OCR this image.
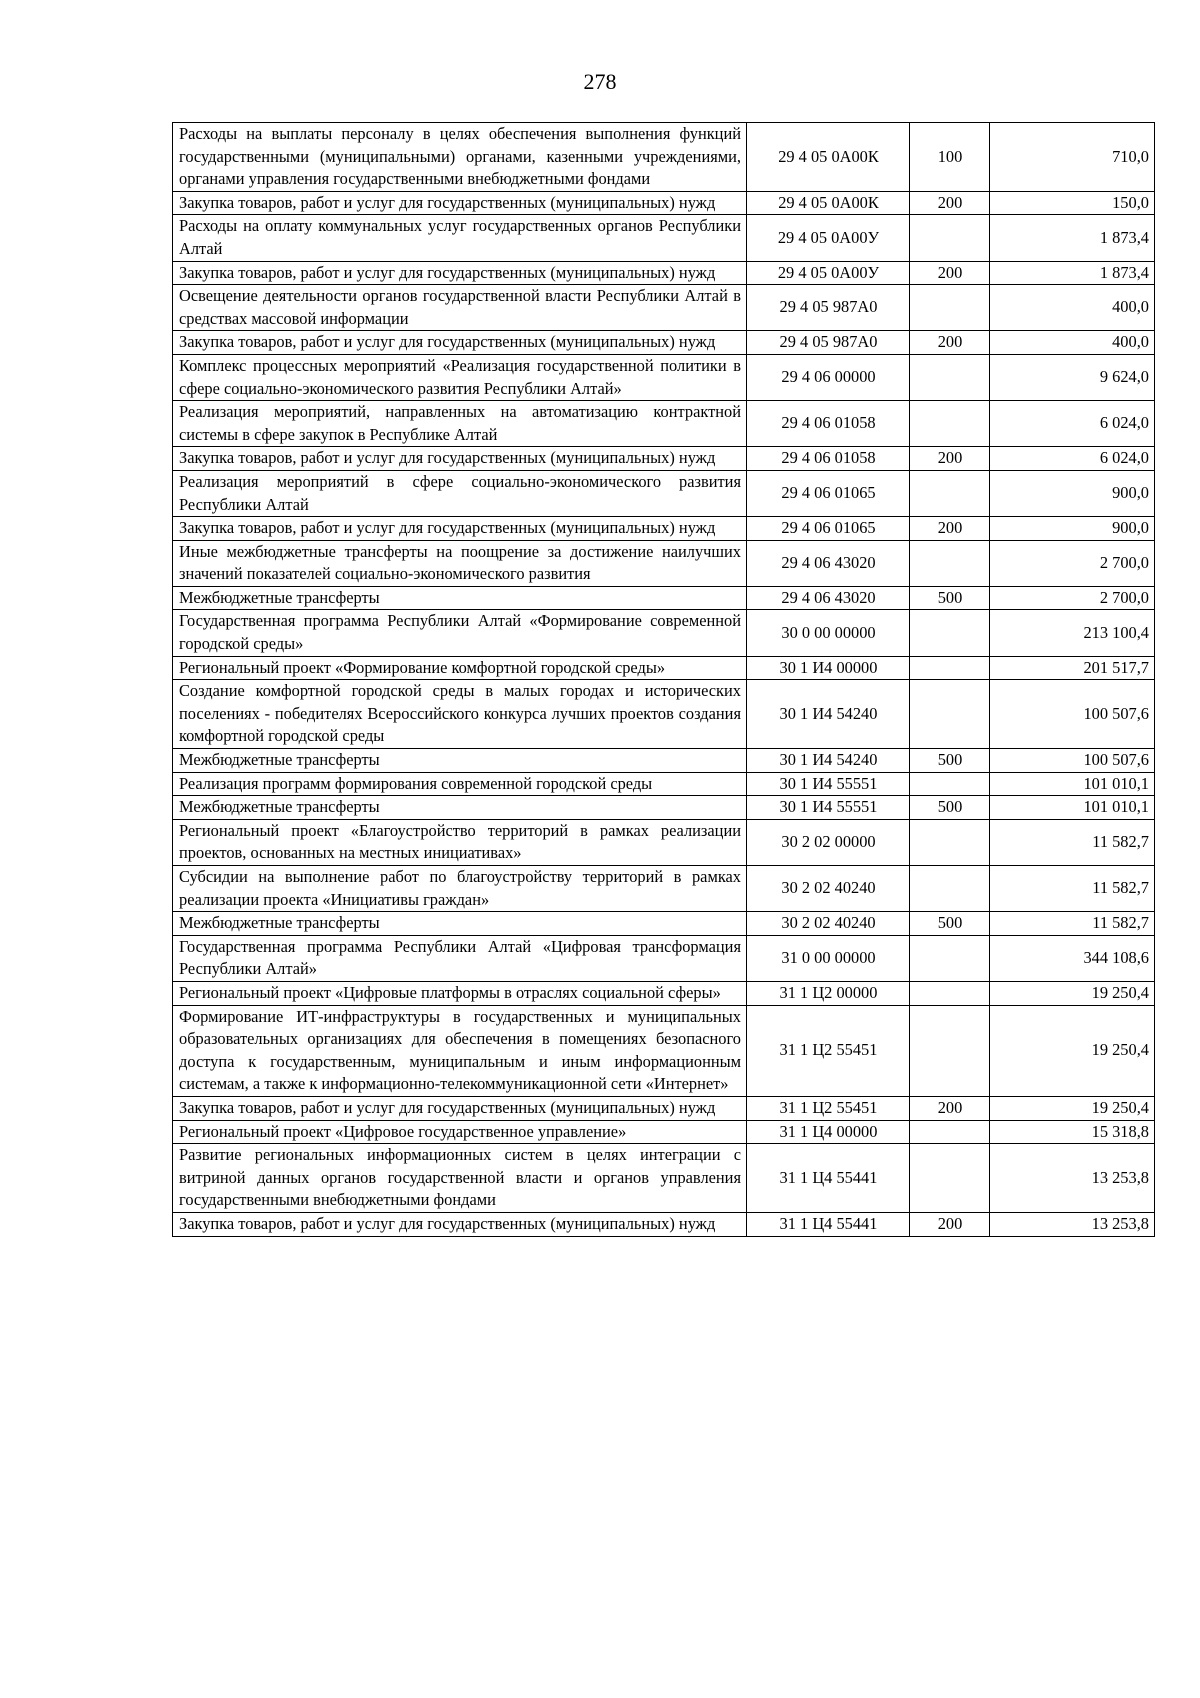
278
Расходы на выплаты персоналу в целях обеспечения выполнения функций государственными (муниципальными) органами, казенными учреждениями, органами управления государственными внебюджетными фондами	29 4 05 0А00К	100	710,0
Закупка товаров, работ и услуг для государственных (муниципальных) нужд	29 4 05 0А00К	200	150,0
Расходы на оплату коммунальных услуг государственных органов Республики Алтай	29 4 05 0А00У		1 873,4
Закупка товаров, работ и услуг для государственных (муниципальных) нужд	29 4 05 0А00У	200	1 873,4
Освещение деятельности органов государственной власти Республики Алтай в средствах массовой информации	29 4 05 987А0		400,0
Закупка товаров, работ и услуг для государственных (муниципальных) нужд	29 4 05 987А0	200	400,0
Комплекс процессных мероприятий «Реализация государственной политики в сфере социально-экономического развития Республики Алтай»	29 4 06 00000		9 624,0
Реализация мероприятий, направленных на автоматизацию контрактной системы в сфере закупок в Республике Алтай	29 4 06 01058		6 024,0
Закупка товаров, работ и услуг для государственных (муниципальных) нужд	29 4 06 01058	200	6 024,0
Реализация мероприятий в сфере социально-экономического развития Республики Алтай	29 4 06 01065		900,0
Закупка товаров, работ и услуг для государственных (муниципальных) нужд	29 4 06 01065	200	900,0
Иные межбюджетные трансферты на поощрение за достижение наилучших значений показателей социально-экономического развития	29 4 06 43020		2 700,0
Межбюджетные трансферты	29 4 06 43020	500	2 700,0
Государственная программа Республики Алтай «Формирование современной городской среды»	30 0 00 00000		213 100,4
Региональный проект «Формирование комфортной городской среды»	30 1 И4 00000		201 517,7
Создание комфортной городской среды в малых городах и исторических поселениях - победителях Всероссийского конкурса лучших проектов создания комфортной городской среды	30 1 И4 54240		100 507,6
Межбюджетные трансферты	30 1 И4 54240	500	100 507,6
Реализация программ формирования современной городской среды	30 1 И4 55551		101 010,1
Межбюджетные трансферты	30 1 И4 55551	500	101 010,1
Региональный проект «Благоустройство территорий в рамках реализации проектов, основанных на местных инициативах»	30 2 02 00000		11 582,7
Субсидии на выполнение работ по благоустройству территорий в рамках реализации проекта «Инициативы граждан»	30 2 02 40240		11 582,7
Межбюджетные трансферты	30 2 02 40240	500	11 582,7
Государственная программа Республики Алтай «Цифровая трансформация Республики Алтай»	31 0 00 00000		344 108,6
Региональный проект «Цифровые платформы в отраслях социальной сферы»	31 1 Ц2 00000		19 250,4
Формирование ИТ-инфраструктуры в государственных и муниципальных образовательных организациях для обеспечения в помещениях безопасного доступа к государственным, муниципальным и иным информационным системам, а также к информационно-телекоммуникационной сети «Интернет»	31 1 Ц2 55451		19 250,4
Закупка товаров, работ и услуг для государственных (муниципальных) нужд	31 1 Ц2 55451	200	19 250,4
Региональный проект «Цифровое государственное управление»	31 1 Ц4 00000		15 318,8
Развитие региональных информационных систем в целях интеграции с витриной данных органов государственной власти и органов управления государственными внебюджетными фондами	31 1 Ц4 55441		13 253,8
Закупка товаров, работ и услуг для государственных (муниципальных) нужд	31 1 Ц4 55441	200	13 253,8
